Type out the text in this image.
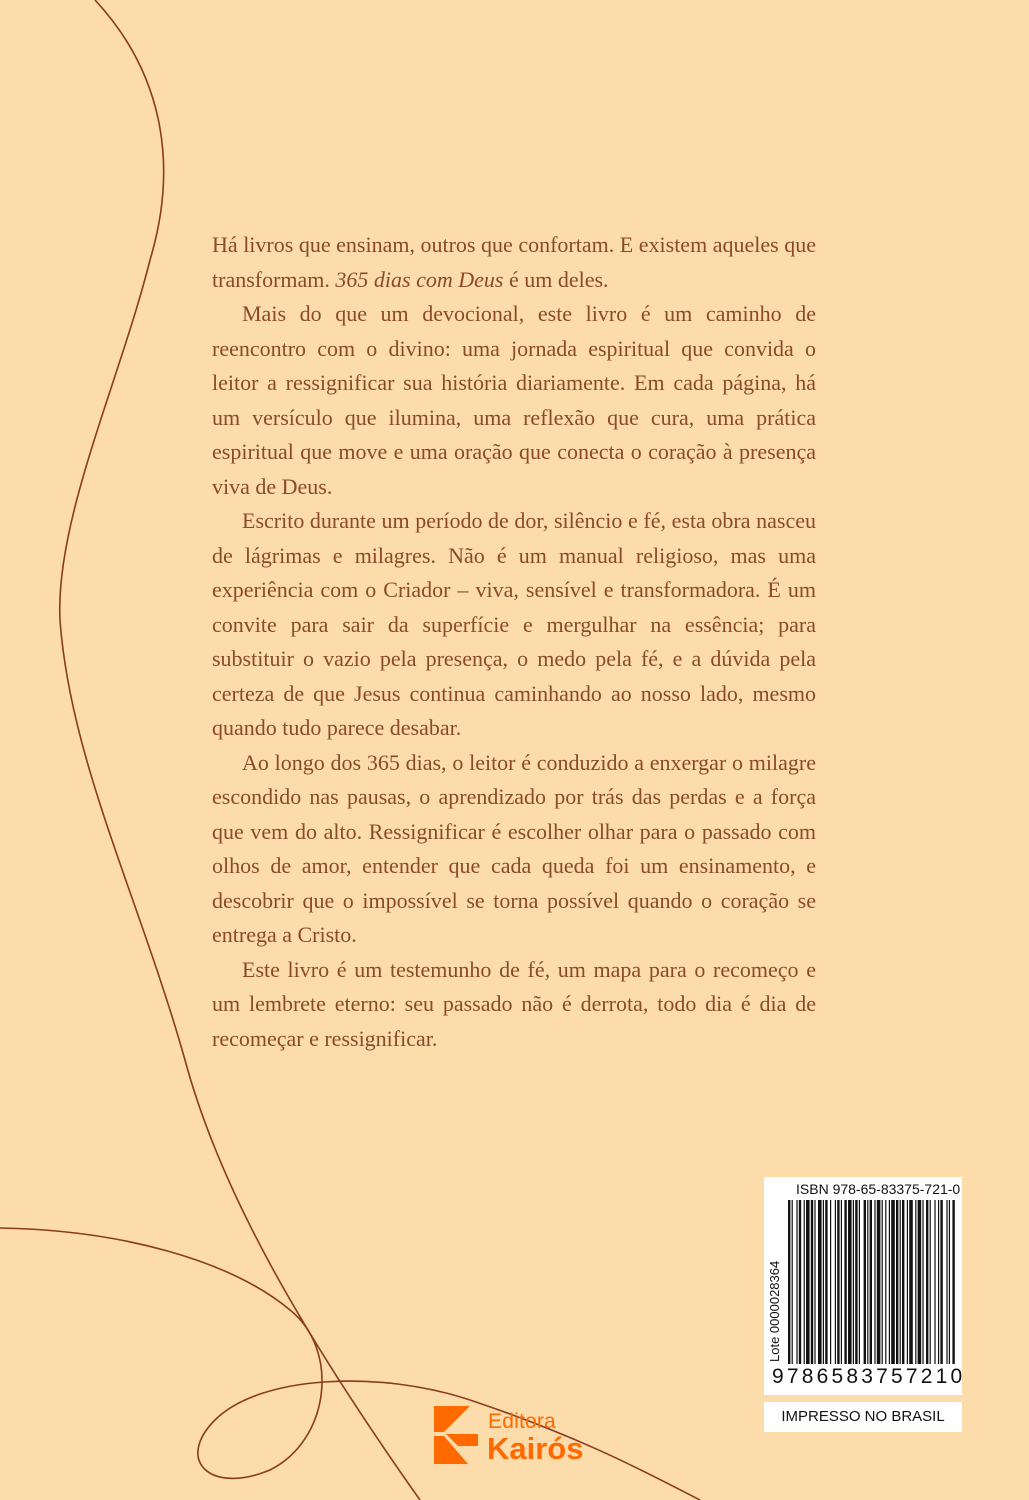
Há livros que ensinam, outros que confortam. E existem aqueles que transformam. 365 dias com Deus é um deles.

Mais do que um devocional, este livro é um caminho de reencontro com o divino: uma jornada espiritual que convida o leitor a ressignificar sua história diariamente. Em cada página, há um versículo que ilumina, uma reflexão que cura, uma prática espiritual que move e uma oração que conecta o coração à presença viva de Deus.

Escrito durante um período de dor, silêncio e fé, esta obra nasceu de lágrimas e milagres. Não é um manual religioso, mas uma experiência com o Criador – viva, sensível e transformadora. É um convite para sair da superfície e mergulhar na essência; para substituir o vazio pela presença, o medo pela fé, e a dúvida pela certeza de que Jesus continua caminhando ao nosso lado, mesmo quando tudo parece desabar.

Ao longo dos 365 dias, o leitor é conduzido a enxergar o milagre escondido nas pausas, o aprendizado por trás das perdas e a força que vem do alto. Ressignificar é escolher olhar para o passado com olhos de amor, entender que cada queda foi um ensinamento, e descobrir que o impossível se torna possível quando o coração se entrega a Cristo.

Este livro é um testemunho de fé, um mapa para o recomeço e um lembrete eterno: seu passado não é derrota, todo dia é dia de recomeçar e ressignificar.

Editora
Kairós
ISBN 978-65-83375-721-0
Lote 0000028364
9786583757210
IMPRESSO NO BRASIL
